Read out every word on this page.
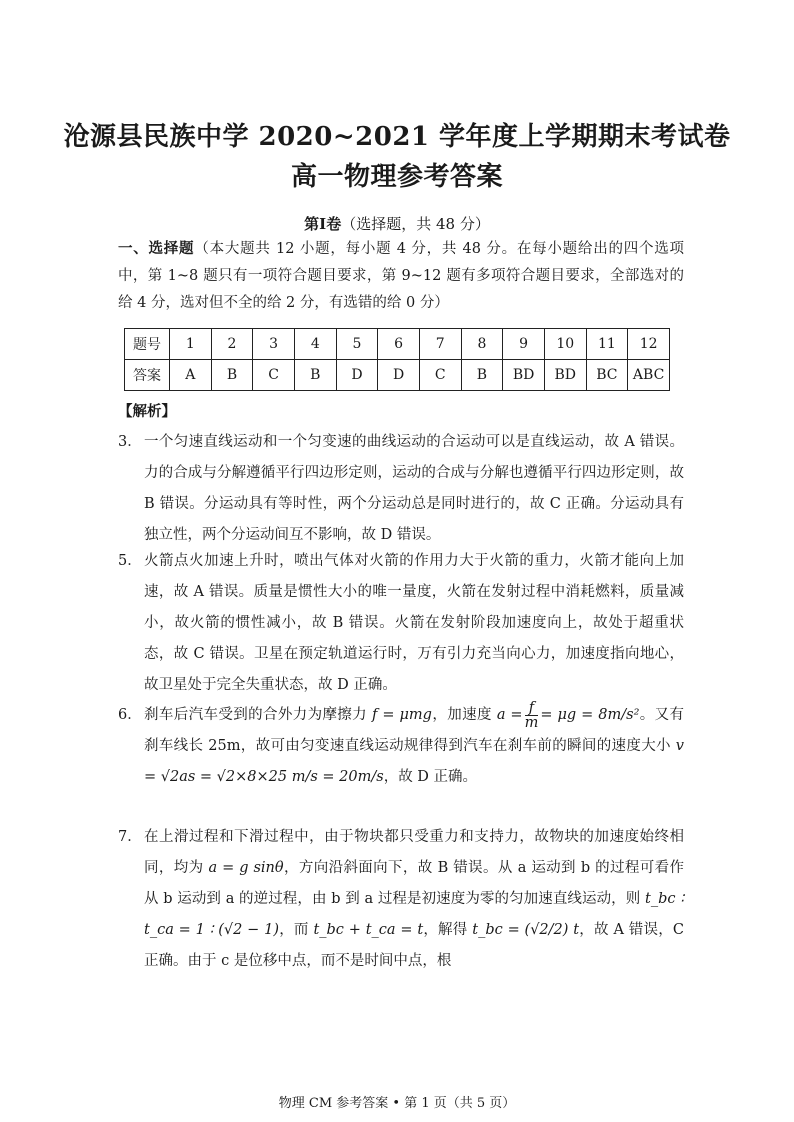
沧源县民族中学 2020~2021 学年度上学期期末考试卷
高一物理参考答案
第Ⅰ卷（选择题，共 48 分）
一、选择题（本大题共 12 小题，每小题 4 分，共 48 分。在每小题给出的四个选项中，第 1~8 题只有一项符合题目要求，第 9~12 题有多项符合题目要求，全部选对的给 4 分，选对但不全的给 2 分，有选错的给 0 分）
题号	1	2	3	4	5	6	7	8	9	10	11	12
答案	A	B	C	B	D	D	C	B	BD	BD	BC	ABC
【解析】
3． 一个匀速直线运动和一个匀变速的曲线运动的合运动可以是直线运动，故 A 错误。力的合成与分解遵循平行四边形定则，运动的合成与分解也遵循平行四边形定则，故 B 错误。分运动具有等时性，两个分运动总是同时进行的，故 C 正确。分运动具有独立性，两个分运动间互不影响，故 D 错误。
5． 火箭点火加速上升时，喷出气体对火箭的作用力大于火箭的重力，火箭才能向上加速，故 A 错误。质量是惯性大小的唯一量度，火箭在发射过程中消耗燃料，质量减小，故火箭的惯性减小，故 B 错误。火箭在发射阶段加速度向上，故处于超重状态，故 C 错误。卫星在预定轨道运行时，万有引力充当向心力，加速度指向地心，故卫星处于完全失重状态，故 D 正确。
6． 刹车后汽车受到的合外力为摩擦力 f = μmg，加速度 $a = \frac{f}{m} = \mu g = 8m/s^2$。又有刹车线长 25m，故可由匀变速直线运动规律得到汽车在刹车前的瞬间的速度大小 v = √2as = √2×8×25 m/s = 20m/s，故 D 正确。
7． 在上滑过程和下滑过程中，由于物块都只受重力和支持力，故物块的加速度始终相同，均为 a = g sinθ，方向沿斜面向下，故 B 错误。从 a 运动到 b 的过程可看作从 b 运动到 a 的逆过程，由 b 到 a 过程是初速度为零的匀加速直线运动，则 t_bc ∶ t_ca = 1 ∶ (√2 − 1)，而 t_bc + t_ca = t，解得 t_bc = (√2/2) t，故 A 错误，C 正确。由于 c 是位移中点，而不是时间中点，根
物理 CM 参考答案 • 第 1 页（共 5 页）
